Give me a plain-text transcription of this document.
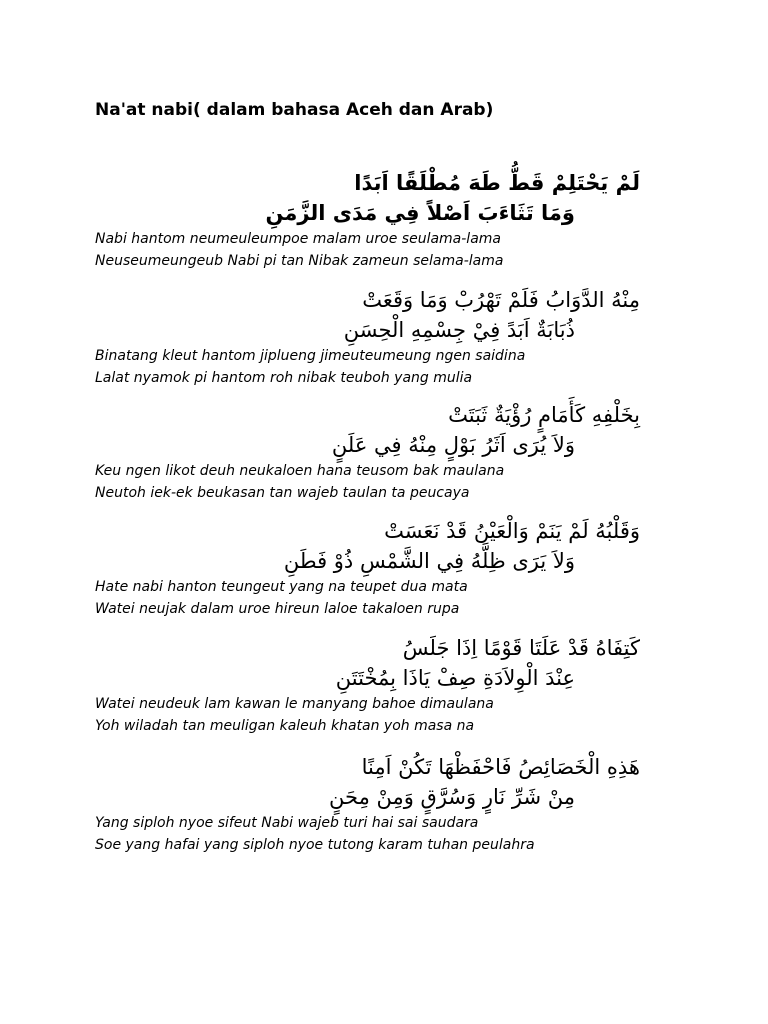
Na'at nabi( dalam bahasa Aceh dan Arab)
لَمْ يَحْتَلِمْ قَطُّ طَهَ مُطْلَقًا اَبَدًا
وَمَا تَثَاءَبَ اَصْلاً فِي مَدَى الزَّمَنِ
Nabi hantom neumeuleumpoe malam uroe seulama-lama
Neuseumeungeub Nabi pi tan Nibak zameun selama-lama
مِنْهُ الدَّوَابُ فَلَمْ تَهْرُبْ وَمَا وَقَعَتْ
ذُبَابَةٌ اَبَدً فِيْ جِسْمِهِ الْحِسَنِ
Binatang kleut hantom jiplueng jimeuteumeung ngen saidina
Lalat nyamok pi hantom roh nibak teuboh yang mulia
بِخَلْفِهِ كَأَمَامٍ رُؤْيَةٌ ثَبَتَتْ
وَلاَ يُرَى اَثَرُ بَوْلٍ مِنْهُ فِي عَلَنٍ
Keu ngen likot deuh neukaloen hana teusom bak maulana
Neutoh iek-ek beukasan tan wajeb taulan ta peucaya
وَقَلْبُهُ لَمْ يَنَمْ وَالْعَيْنُ قَدْ نَعَسَتْ
وَلاَ يَرَى ظِلَّهُ فِي الشَّمْسِ ذُوْ فَطَنِ
Hate nabi hanton teungeut yang na teupet dua mata
Watei neujak dalam uroe hireun laloe takaloen rupa
كَتِفَاهُ قَدْ عَلَتَا قَوْمًا اِذَا جَلَسُ
عِنْدَ الْوِلاَدَةِ صِفْ يَاذَا بِمُخْتَتَنِ
Watei neudeuk lam kawan le manyang bahoe dimaulana
Yoh wiladah tan meuligan kaleuh khatan yoh masa na
هَذِهِ الْخَصَائِصُ فَاحْفَظْهَا تَكُنْ اَمِنًا
مِنْ شَرِّ نَارٍ وَسُرَّقٍ وَمِنْ مِحَنٍ
Yang siploh nyoe sifeut Nabi wajeb turi hai sai saudara
Soe yang hafai yang siploh nyoe tutong karam tuhan peulahra
